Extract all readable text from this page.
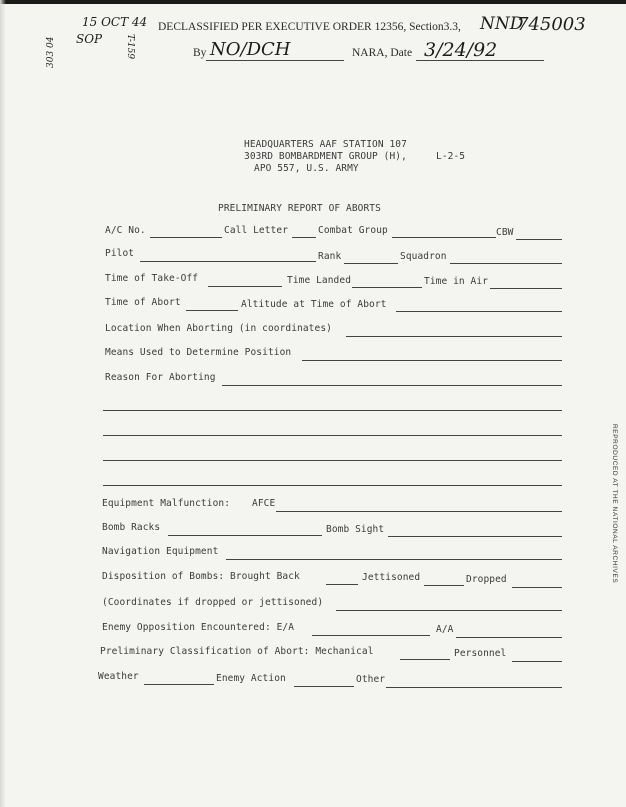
15 OCT 44
SOP
303 04	T-159
DECLASSIFIED PER EXECUTIVE ORDER 12356, Section3.3, NND
745003
By NO/DCH	NARA, Date 3/24/92
HEADQUARTERS AAF STATION 107
303RD BOMBARDMENT GROUP (H),	L-2-5
APO 557, U.S. ARMY
PRELIMINARY REPORT OF ABORTS
A/C No.	Call Letter	Combat Group	CBW
Pilot	Rank	Squadron
Time of Take-Off	Time Landed	Time in Air
Time of Abort	Altitude at Time of Abort
Location When Aborting (in coordinates)
Means Used to Determine Position
Reason For Aborting
Equipment Malfunction: AFCE
Bomb Racks	Bomb Sight
Navigation Equipment
Disposition of Bombs: Brought Back	Jettisoned	Dropped
(Coordinates if dropped or jettisoned)
Enemy Opposition Encountered: E/A	A/A
Preliminary Classification of Abort: Mechanical	Personnel
Weather	Enemy Action	Other
REPRODUCED AT THE NATIONAL ARCHIVES
